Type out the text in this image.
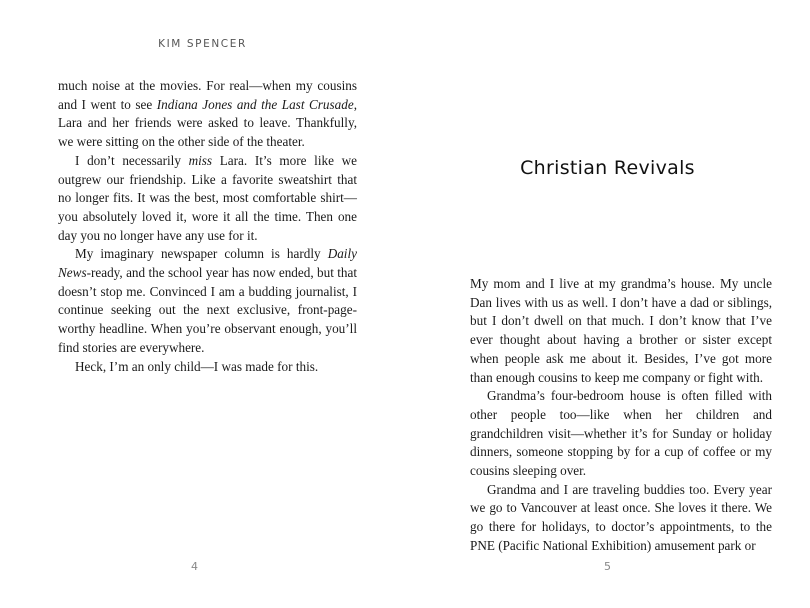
KIM SPENCER

much noise at the movies. For real—when my cousins and I went to see Indiana Jones and the Last Crusade, Lara and her friends were asked to leave. Thankfully, we were sitting on the other side of the theater.

I don’t necessarily miss Lara. It’s more like we outgrew our friendship. Like a favorite sweatshirt that no longer fits. It was the best, most comfortable shirt—you absolutely loved it, wore it all the time. Then one day you no longer have any use for it.

My imaginary newspaper column is hardly Daily News-ready, and the school year has now ended, but that doesn’t stop me. Convinced I am a budding journalist, I continue seeking out the next exclusive, front-page-worthy headline. When you’re observant enough, you’ll find stories are everywhere.

Heck, I’m an only child—I was made for this.

4
Christian Revivals

My mom and I live at my grandma’s house. My uncle Dan lives with us as well. I don’t have a dad or siblings, but I don’t dwell on that much. I don’t know that I’ve ever thought about having a brother or sister except when people ask me about it. Besides, I’ve got more than enough cousins to keep me company or fight with.

Grandma’s four-bedroom house is often filled with other people too—like when her children and grandchildren visit—whether it’s for Sunday or holiday dinners, someone stopping by for a cup of coffee or my cousins sleeping over.

Grandma and I are traveling buddies too. Every year we go to Vancouver at least once. She loves it there. We go there for holidays, to doctor’s appointments, to the PNE (Pacific National Exhibition) amusement park or

5
